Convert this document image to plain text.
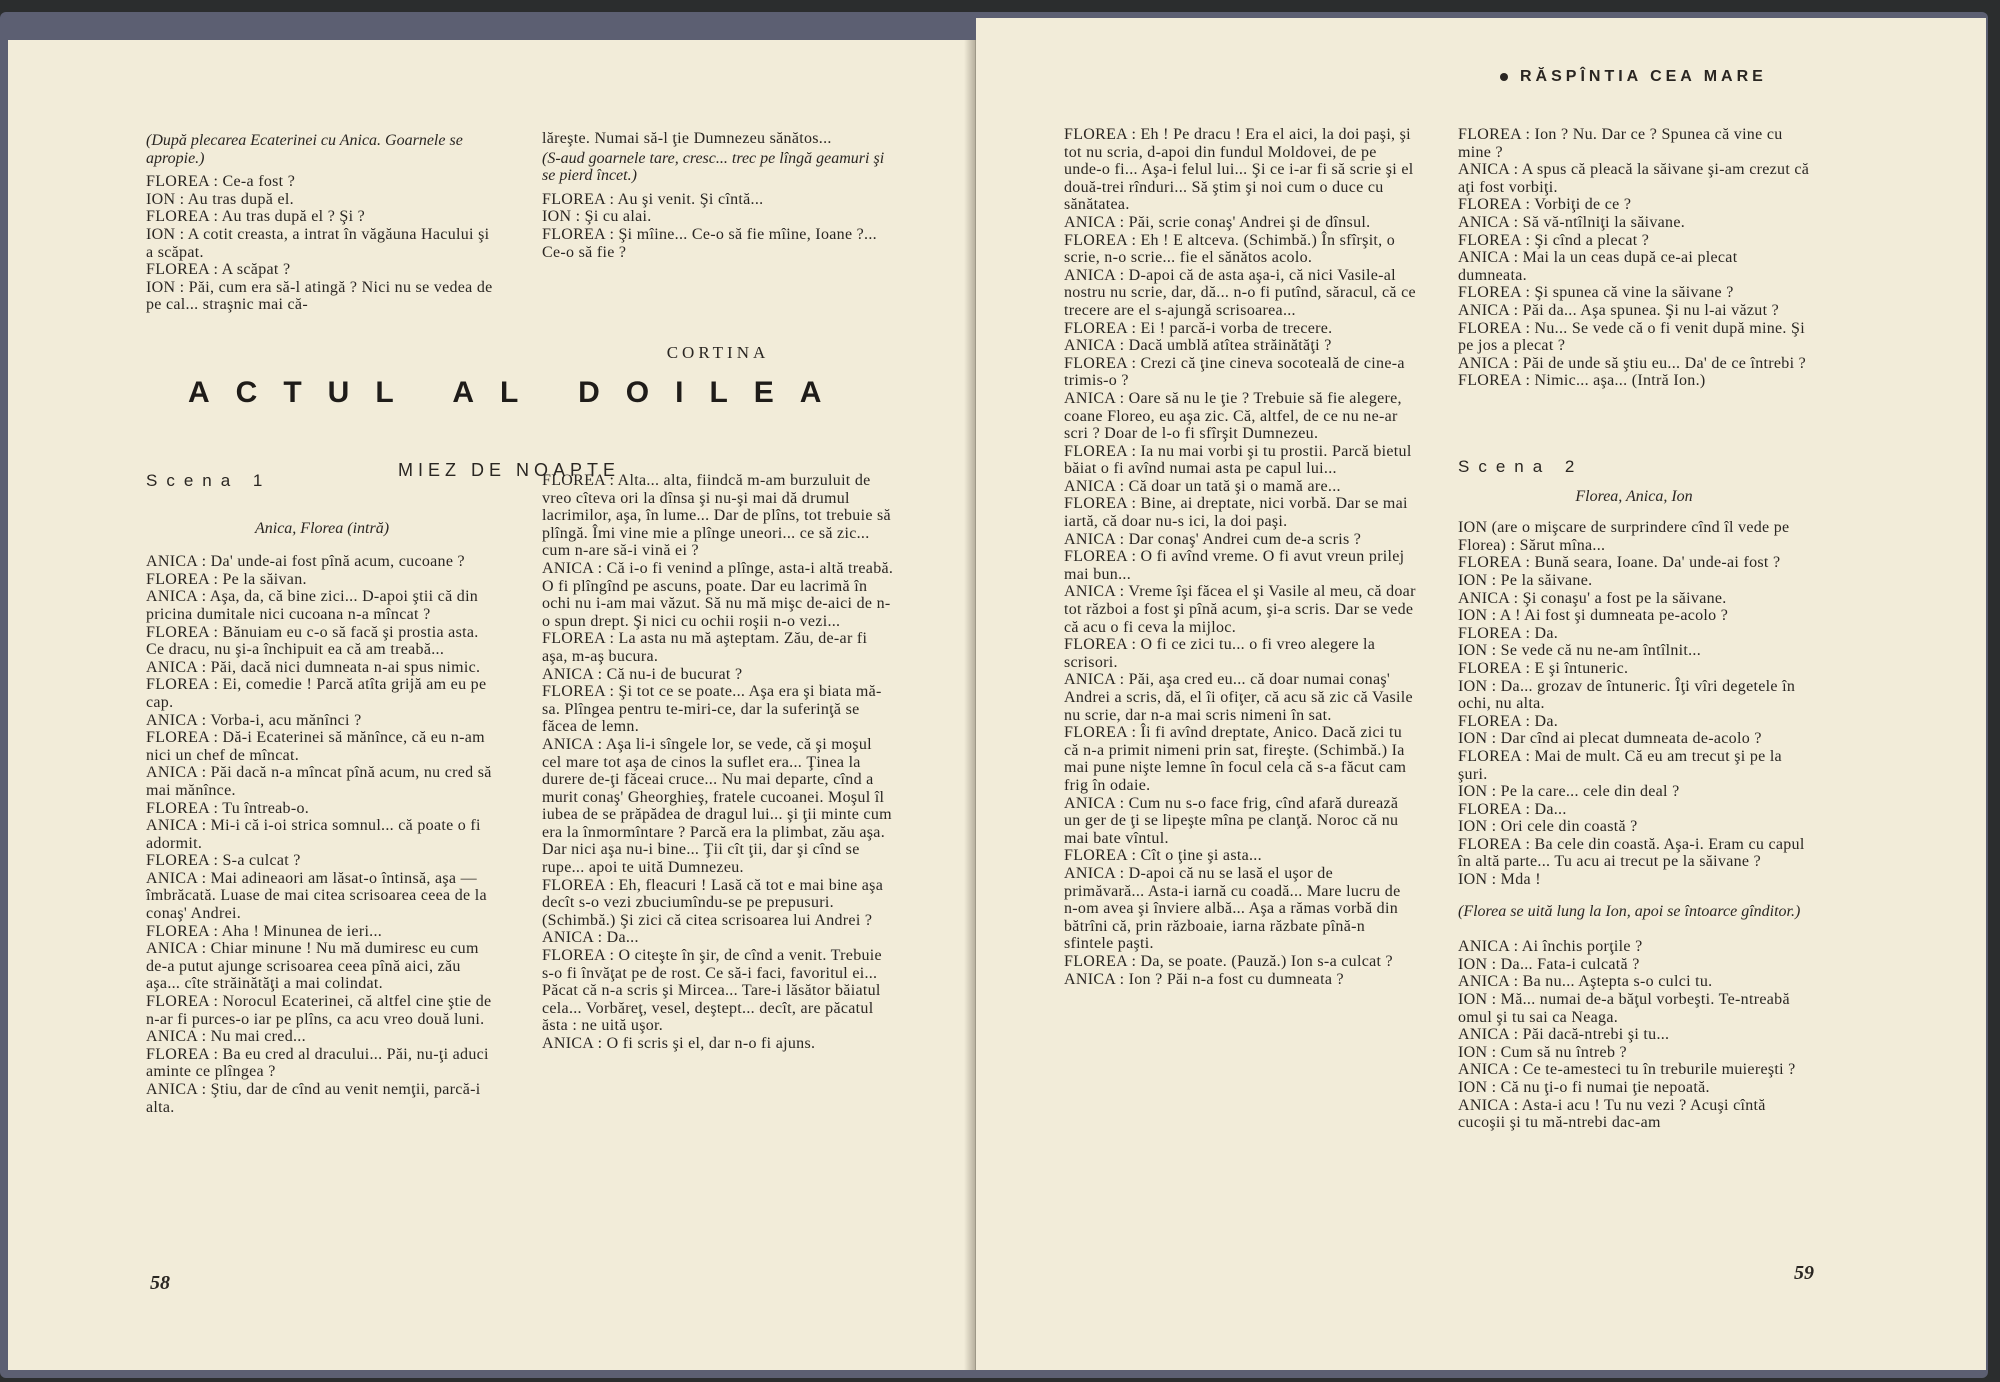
(După plecarea Ecaterinei cu Anica. Goarnele se apropie.)

FLOREA : Ce-a fost ?

ION : Au tras după el.

FLOREA : Au tras după el ? Şi ?

ION : A cotit creasta, a intrat în văgăuna Hacului şi a scăpat.

FLOREA : A scăpat ?

ION : Păi, cum era să-l atingă ? Nici nu se vedea de pe cal... straşnic mai că-

lăreşte. Numai să-l ţie Dumnezeu sănătos...

(S-aud goarnele tare, cresc... trec pe lîngă geamuri şi se pierd încet.)

FLOREA : Au şi venit. Şi cîntă...

ION : Şi cu alai.

FLOREA : Şi mîine... Ce-o să fie mîine, Ioane ?... Ce-o să fie ?

CORTINA

ACTUL AL DOILEA
MIEZ DE NOAPTE

Scena 1

Anica, Florea (intră)

ANICA : Da' unde-ai fost pînă acum, cucoane ?

FLOREA : Pe la săivan.

ANICA : Aşa, da, că bine zici... D-apoi ştii că din pricina dumitale nici cucoana n-a mîncat ?

FLOREA : Bănuiam eu c-o să facă şi prostia asta. Ce dracu, nu şi-a închipuit ea că am treabă...

ANICA : Păi, dacă nici dumneata n-ai spus nimic.

FLOREA : Ei, comedie ! Parcă atîta grijă am eu pe cap.

ANICA : Vorba-i, acu mănînci ?

FLOREA : Dă-i Ecaterinei să mănînce, că eu n-am nici un chef de mîncat.

ANICA : Păi dacă n-a mîncat pînă acum, nu cred să mai mănînce.

FLOREA : Tu întreab-o.

ANICA : Mi-i că i-oi strica somnul... că poate o fi adormit.

FLOREA : S-a culcat ?

ANICA : Mai adineaori am lăsat-o întinsă, aşa — îmbrăcată. Luase de mai citea scrisoarea ceea de la conaş' Andrei.

FLOREA : Aha ! Minunea de ieri...

ANICA : Chiar minune ! Nu mă dumiresc eu cum de-a putut ajunge scrisoarea ceea pînă aici, zău aşa... cîte străinătăţi a mai colindat.

FLOREA : Norocul Ecaterinei, că altfel cine ştie de n-ar fi purces-o iar pe plîns, ca acu vreo două luni.

ANICA : Nu mai cred...

FLOREA : Ba eu cred al dracului... Păi, nu-ţi aduci aminte ce plîngea ?

ANICA : Ştiu, dar de cînd au venit nemţii, parcă-i alta.

FLOREA : Alta... alta, fiindcă m-am burzuluit de vreo cîteva ori la dînsa şi nu-şi mai dă drumul lacrimilor, aşa, în lume... Dar de plîns, tot trebuie să plîngă. Îmi vine mie a plînge uneori... ce să zic... cum n-are să-i vină ei ?

ANICA : Că i-o fi venind a plînge, asta-i altă treabă. O fi plîngînd pe ascuns, poate. Dar eu lacrimă în ochi nu i-am mai văzut. Să nu mă mişc de-aici de n-o spun drept. Şi nici cu ochii roşii n-o vezi...

FLOREA : La asta nu mă aşteptam. Zău, de-ar fi aşa, m-aş bucura.

ANICA : Că nu-i de bucurat ?

FLOREA : Şi tot ce se poate... Aşa era şi biata mă-sa. Plîngea pentru te-miri-ce, dar la suferinţă se făcea de lemn.

ANICA : Aşa li-i sîngele lor, se vede, că şi moşul cel mare tot aşa de cinos la suflet era... Ţinea la durere de-ţi făceai cruce... Nu mai departe, cînd a murit conaş' Gheorghieş, fratele cucoanei. Moşul îl iubea de se prăpădea de dragul lui... şi ţii minte cum era la înmormîntare ? Parcă era la plimbat, zău aşa. Dar nici aşa nu-i bine... Ţii cît ţii, dar şi cînd se rupe... apoi te uită Dumnezeu.

FLOREA : Eh, fleacuri ! Lasă că tot e mai bine aşa decît s-o vezi zbuciumîndu-se pe prepusuri. (Schimbă.) Şi zici că citea scrisoarea lui Andrei ?

ANICA : Da...

FLOREA : O citeşte în şir, de cînd a venit. Trebuie s-o fi învăţat pe de rost. Ce să-i faci, favoritul ei... Păcat că n-a scris şi Mircea... Tare-i lăsător băiatul cela... Vorbăreţ, vesel, deştept... decît, are păcatul ăsta : ne uită uşor.

ANICA : O fi scris şi el, dar n-o fi ajuns.

58
RĂSPÎNTIA CEA MARE

FLOREA : Eh ! Pe dracu ! Era el aici, la doi paşi, şi tot nu scria, d-apoi din fundul Moldovei, de pe unde-o fi... Aşa-i felul lui... Şi ce i-ar fi să scrie şi el două-trei rînduri... Să ştim şi noi cum o duce cu sănătatea.

ANICA : Păi, scrie conaş' Andrei şi de dînsul.

FLOREA : Eh ! E altceva. (Schimbă.) În sfîrşit, o scrie, n-o scrie... fie el sănătos acolo.

ANICA : D-apoi că de asta aşa-i, că nici Vasile-al nostru nu scrie, dar, dă... n-o fi putînd, săracul, că ce trecere are el s-ajungă scrisoarea...

FLOREA : Ei ! parcă-i vorba de trecere.

ANICA : Dacă umblă atîtea străinătăţi ?

FLOREA : Crezi că ţine cineva socoteală de cine-a trimis-o ?

ANICA : Oare să nu le ţie ? Trebuie să fie alegere, coane Floreo, eu aşa zic. Că, altfel, de ce nu ne-ar scri ? Doar de l-o fi sfîrşit Dumnezeu.

FLOREA : Ia nu mai vorbi şi tu prostii. Parcă bietul băiat o fi avînd numai asta pe capul lui...

ANICA : Că doar un tată şi o mamă are...

FLOREA : Bine, ai dreptate, nici vorbă. Dar se mai iartă, că doar nu-s ici, la doi paşi.

ANICA : Dar conaş' Andrei cum de-a scris ?

FLOREA : O fi avînd vreme. O fi avut vreun prilej mai bun...

ANICA : Vreme îşi făcea el şi Vasile al meu, că doar tot război a fost şi pînă acum, şi-a scris. Dar se vede că acu o fi ceva la mijloc.

FLOREA : O fi ce zici tu... o fi vreo alegere la scrisori.

ANICA : Păi, aşa cred eu... că doar numai conaş' Andrei a scris, dă, el îi ofiţer, că acu să zic că Vasile nu scrie, dar n-a mai scris nimeni în sat.

FLOREA : Îi fi avînd dreptate, Anico. Dacă zici tu că n-a primit nimeni prin sat, fireşte. (Schimbă.) Ia mai pune nişte lemne în focul cela că s-a făcut cam frig în odaie.

ANICA : Cum nu s-o face frig, cînd afară durează un ger de ţi se lipeşte mîna pe clanţă. Noroc că nu mai bate vîntul.

FLOREA : Cît o ţine şi asta...

ANICA : D-apoi că nu se lasă el uşor de primăvară... Asta-i iarnă cu coadă... Mare lucru de n-om avea şi înviere albă... Aşa a rămas vorbă din bătrîni că, prin războaie, iarna răzbate pînă-n sfintele paşti.

FLOREA : Da, se poate. (Pauză.) Ion s-a culcat ?

ANICA : Ion ? Păi n-a fost cu dumneata ?

FLOREA : Ion ? Nu. Dar ce ? Spunea că vine cu mine ?

ANICA : A spus că pleacă la săivane şi-am crezut că aţi fost vorbiţi.

FLOREA : Vorbiţi de ce ?

ANICA : Să vă-ntîlniţi la săivane.

FLOREA : Şi cînd a plecat ?

ANICA : Mai la un ceas după ce-ai plecat dumneata.

FLOREA : Şi spunea că vine la săivane ?

ANICA : Păi da... Aşa spunea. Şi nu l-ai văzut ?

FLOREA : Nu... Se vede că o fi venit după mine. Şi pe jos a plecat ?

ANICA : Păi de unde să ştiu eu... Da' de ce întrebi ?

FLOREA : Nimic... aşa... (Intră Ion.)

Scena 2

Florea, Anica, Ion

ION (are o mişcare de surprindere cînd îl vede pe Florea) : Sărut mîna...

FLOREA : Bună seara, Ioane. Da' unde-ai fost ?

ION : Pe la săivane.

ANICA : Şi conaşu' a fost pe la săivane.

ION : A ! Ai fost şi dumneata pe-acolo ?

FLOREA : Da.

ION : Se vede că nu ne-am întîlnit...

FLOREA : E şi întuneric.

ION : Da... grozav de întuneric. Îţi vîri degetele în ochi, nu alta.

FLOREA : Da.

ION : Dar cînd ai plecat dumneata de-acolo ?

FLOREA : Mai de mult. Că eu am trecut şi pe la şuri.

ION : Pe la care... cele din deal ?

FLOREA : Da...

ION : Ori cele din coastă ?

FLOREA : Ba cele din coastă. Aşa-i. Eram cu capul în altă parte... Tu acu ai trecut pe la săivane ?

ION : Mda !

(Florea se uită lung la Ion, apoi se întoarce gînditor.)

ANICA : Ai închis porţile ?

ION : Da... Fata-i culcată ?

ANICA : Ba nu... Aştepta s-o culci tu.

ION : Mă... numai de-a băţul vorbeşti. Te-ntreabă omul şi tu sai ca Neaga.

ANICA : Păi dacă-ntrebi şi tu...

ION : Cum să nu întreb ?

ANICA : Ce te-amesteci tu în treburile muiereşti ?

ION : Că nu ţi-o fi numai ţie nepoată.

ANICA : Asta-i acu ! Tu nu vezi ? Acuşi cîntă cucoşii şi tu mă-ntrebi dac-am

59
